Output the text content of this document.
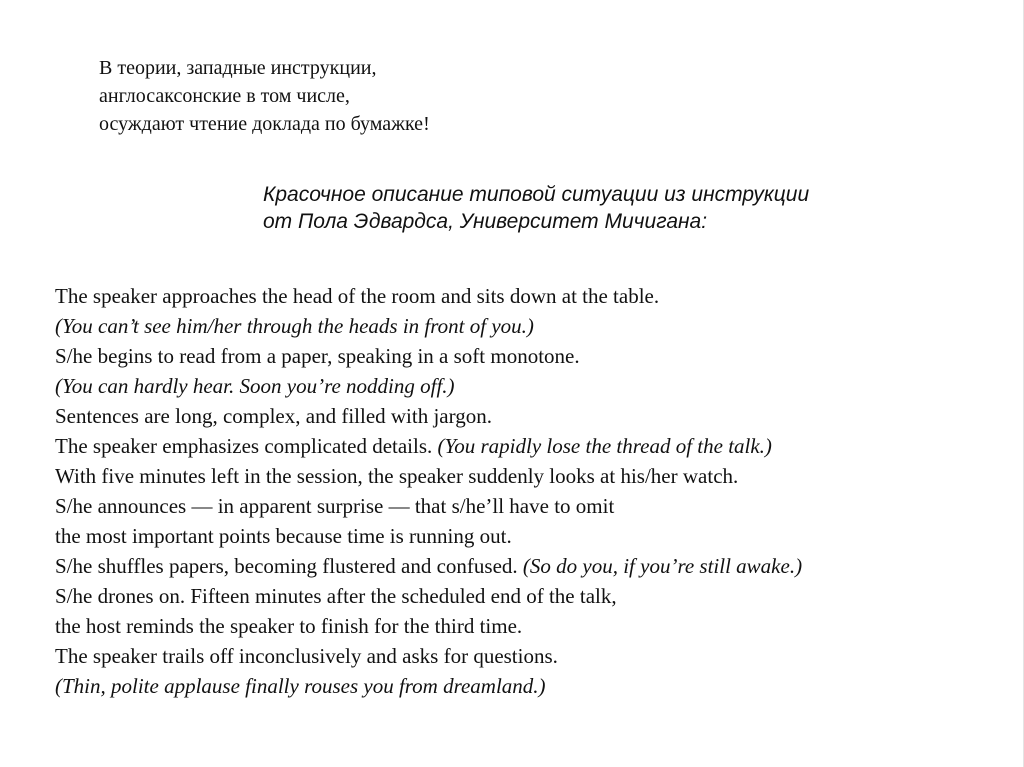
В теории, западные инструкции,
англосаксонские в том числе,
осуждают чтение доклада по бумажке!
Красочное описание типовой ситуации из инструкции
от Пола Эдвардса, Университет Мичигана:
The speaker approaches the head of the room and sits down at the table.
(You can’t see him/her through the heads in front of you.)
S/he begins to read from a paper, speaking in a soft monotone.
(You can hardly hear. Soon you’re nodding off.)
Sentences are long, complex, and filled with jargon.
The speaker emphasizes complicated details. (You rapidly lose the thread of the talk.)
With five minutes left in the session, the speaker suddenly looks at his/her watch.
S/he announces — in apparent surprise — that s/he’ll have to omit
the most important points because time is running out.
S/he shuffles papers, becoming flustered and confused. (So do you, if you’re still awake.)
S/he drones on. Fifteen minutes after the scheduled end of the talk,
the host reminds the speaker to finish for the third time.
The speaker trails off inconclusively and asks for questions.
(Thin, polite applause finally rouses you from dreamland.)
